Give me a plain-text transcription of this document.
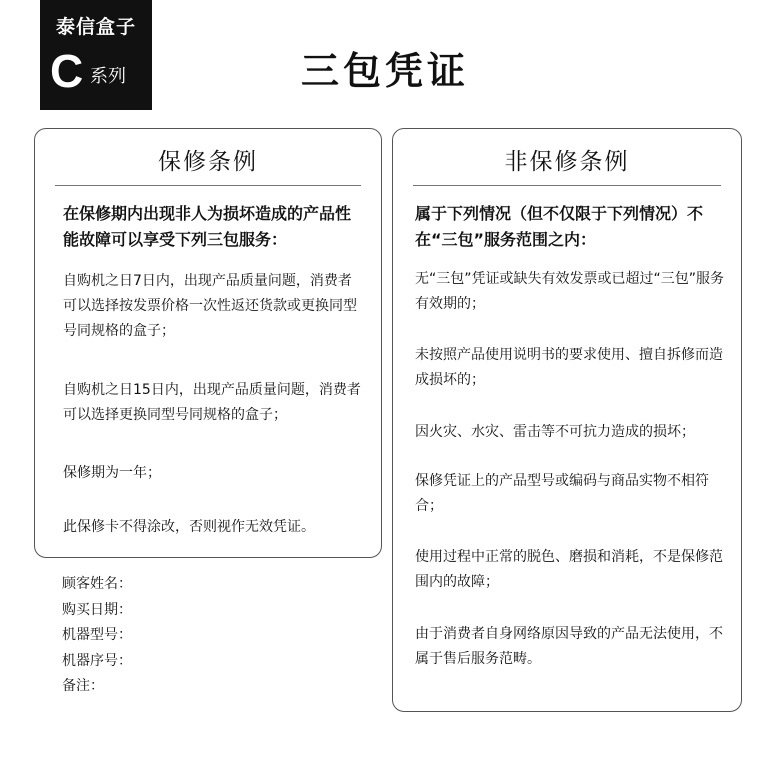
泰信盒子
C 系列	三包凭证
保修条例
在保修期内出现非人为损坏造成的产品性能故障可以享受下列三包服务：
自购机之日7日内，出现产品质量问题，消费者可以选择按发票价格一次性返还货款或更换同型号同规格的盒子；
自购机之日15日内，出现产品质量问题，消费者可以选择更换同型号同规格的盒子；
保修期为一年；
此保修卡不得涂改，否则视作无效凭证。
顾客姓名：
购买日期：
机器型号：
机器序号：
备注：
非保修条例
属于下列情况（但不仅限于下列情况）不在“三包”服务范围之内：
无“三包”凭证或缺失有效发票或已超过“三包”服务有效期的；
未按照产品使用说明书的要求使用、擅自拆修而造成损坏的；
因火灾、水灾、雷击等不可抗力造成的损坏；
保修凭证上的产品型号或编码与商品实物不相符合；
使用过程中正常的脱色、磨损和消耗，不是保修范围内的故障；
由于消费者自身网络原因导致的产品无法使用，不属于售后服务范畴。
